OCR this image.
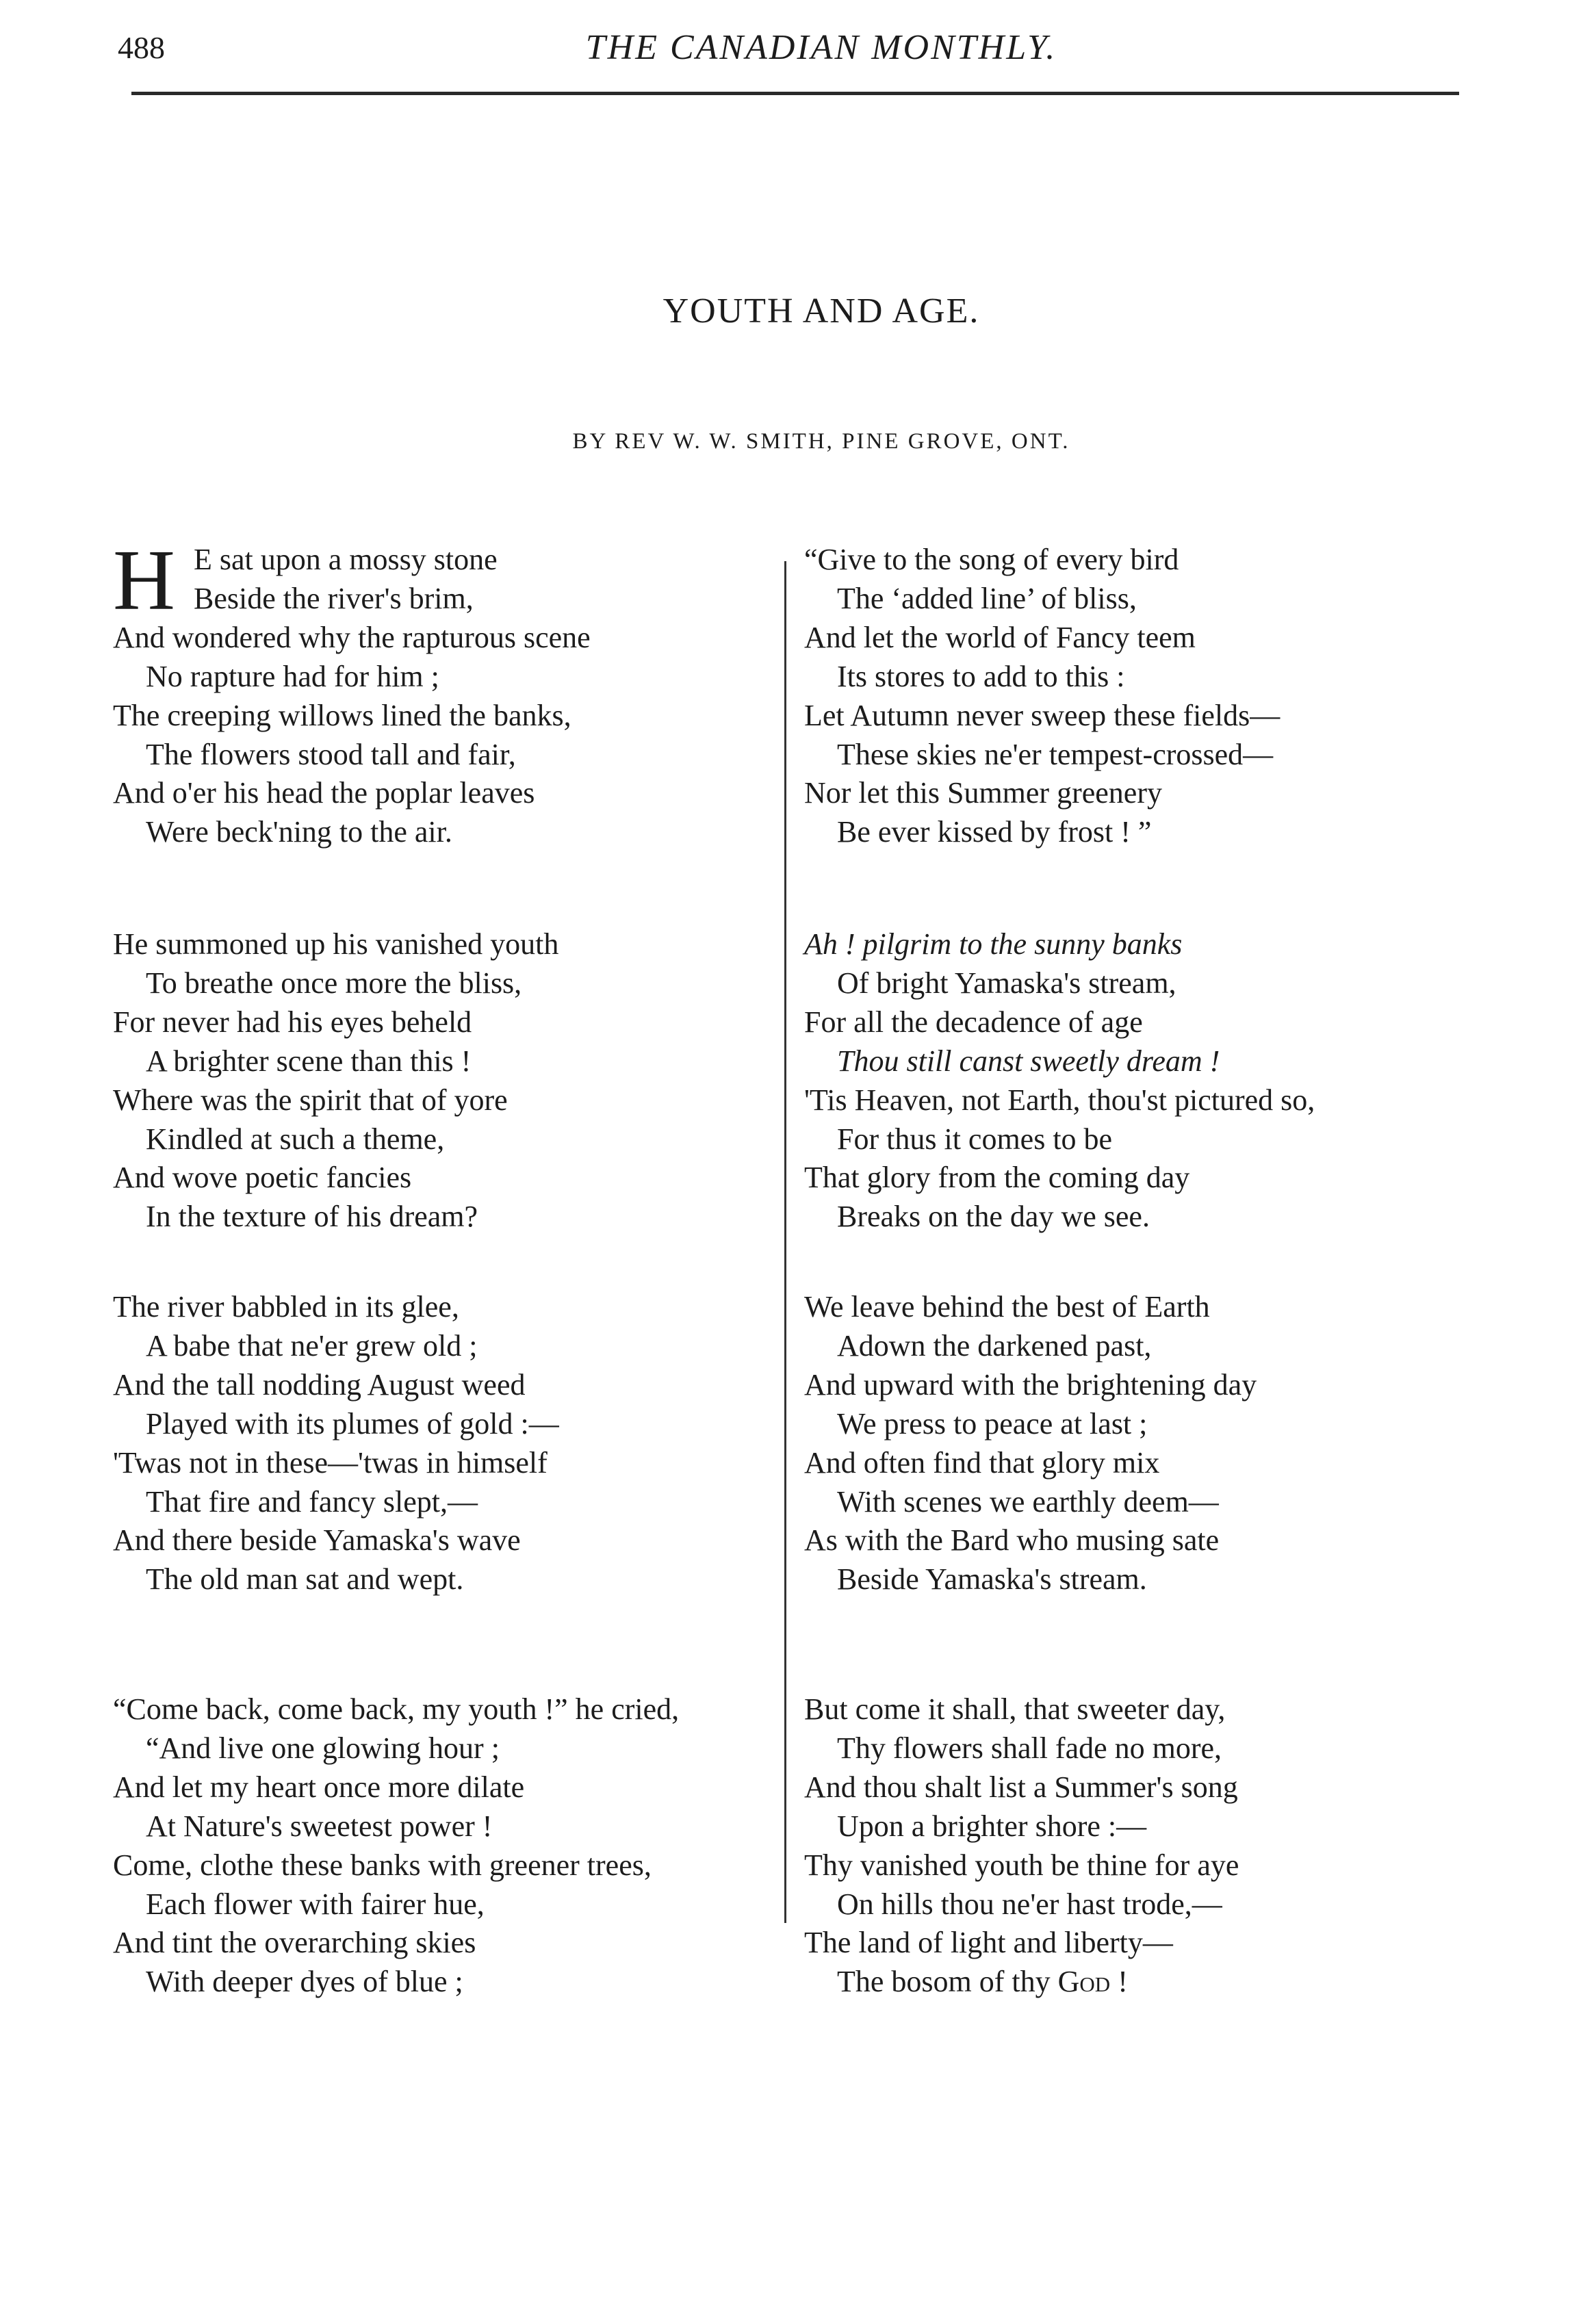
488	THE CANADIAN MONTHLY.
YOUTH AND AGE.
BY REV W. W. SMITH, PINE GROVE, ONT.
H E sat upon a mossy stone
Beside the river's brim,
And wondered why the rapturous scene
No rapture had for him ;
The creeping willows lined the banks,
The flowers stood tall and fair,
And o'er his head the poplar leaves
Were beck'ning to the air.
He summoned up his vanished youth
To breathe once more the bliss,
For never had his eyes beheld
A brighter scene than this !
Where was the spirit that of yore
Kindled at such a theme,
And wove poetic fancies
In the texture of his dream?
The river babbled in its glee,
A babe that ne'er grew old ;
And the tall nodding August weed
Played with its plumes of gold :—
'Twas not in these—'twas in himself
That fire and fancy slept,—
And there beside Yamaska's wave
The old man sat and wept.
“Come back, come back, my youth !” he cried,
“And live one glowing hour ;
And let my heart once more dilate
At Nature's sweetest power !
Come, clothe these banks with greener trees,
Each flower with fairer hue,
And tint the overarching skies
With deeper dyes of blue ;
“Give to the song of every bird
The ‘added line’ of bliss,
And let the world of Fancy teem
Its stores to add to this :
Let Autumn never sweep these fields—
These skies ne'er tempest-crossed—
Nor let this Summer greenery
Be ever kissed by frost ! ”
Ah ! pilgrim to the sunny banks
Of bright Yamaska's stream,
For all the decadence of age
Thou still canst sweetly dream !
'Tis Heaven, not Earth, thou'st pictured so,
For thus it comes to be
That glory from the coming day
Breaks on the day we see.
We leave behind the best of Earth
Adown the darkened past,
And upward with the brightening day
We press to peace at last ;
And often find that glory mix
With scenes we earthly deem—
As with the Bard who musing sate
Beside Yamaska's stream.
But come it shall, that sweeter day,
Thy flowers shall fade no more,
And thou shalt list a Summer's song
Upon a brighter shore :—
Thy vanished youth be thine for aye
On hills thou ne'er hast trode,—
The land of light and liberty—
The bosom of thy God !
